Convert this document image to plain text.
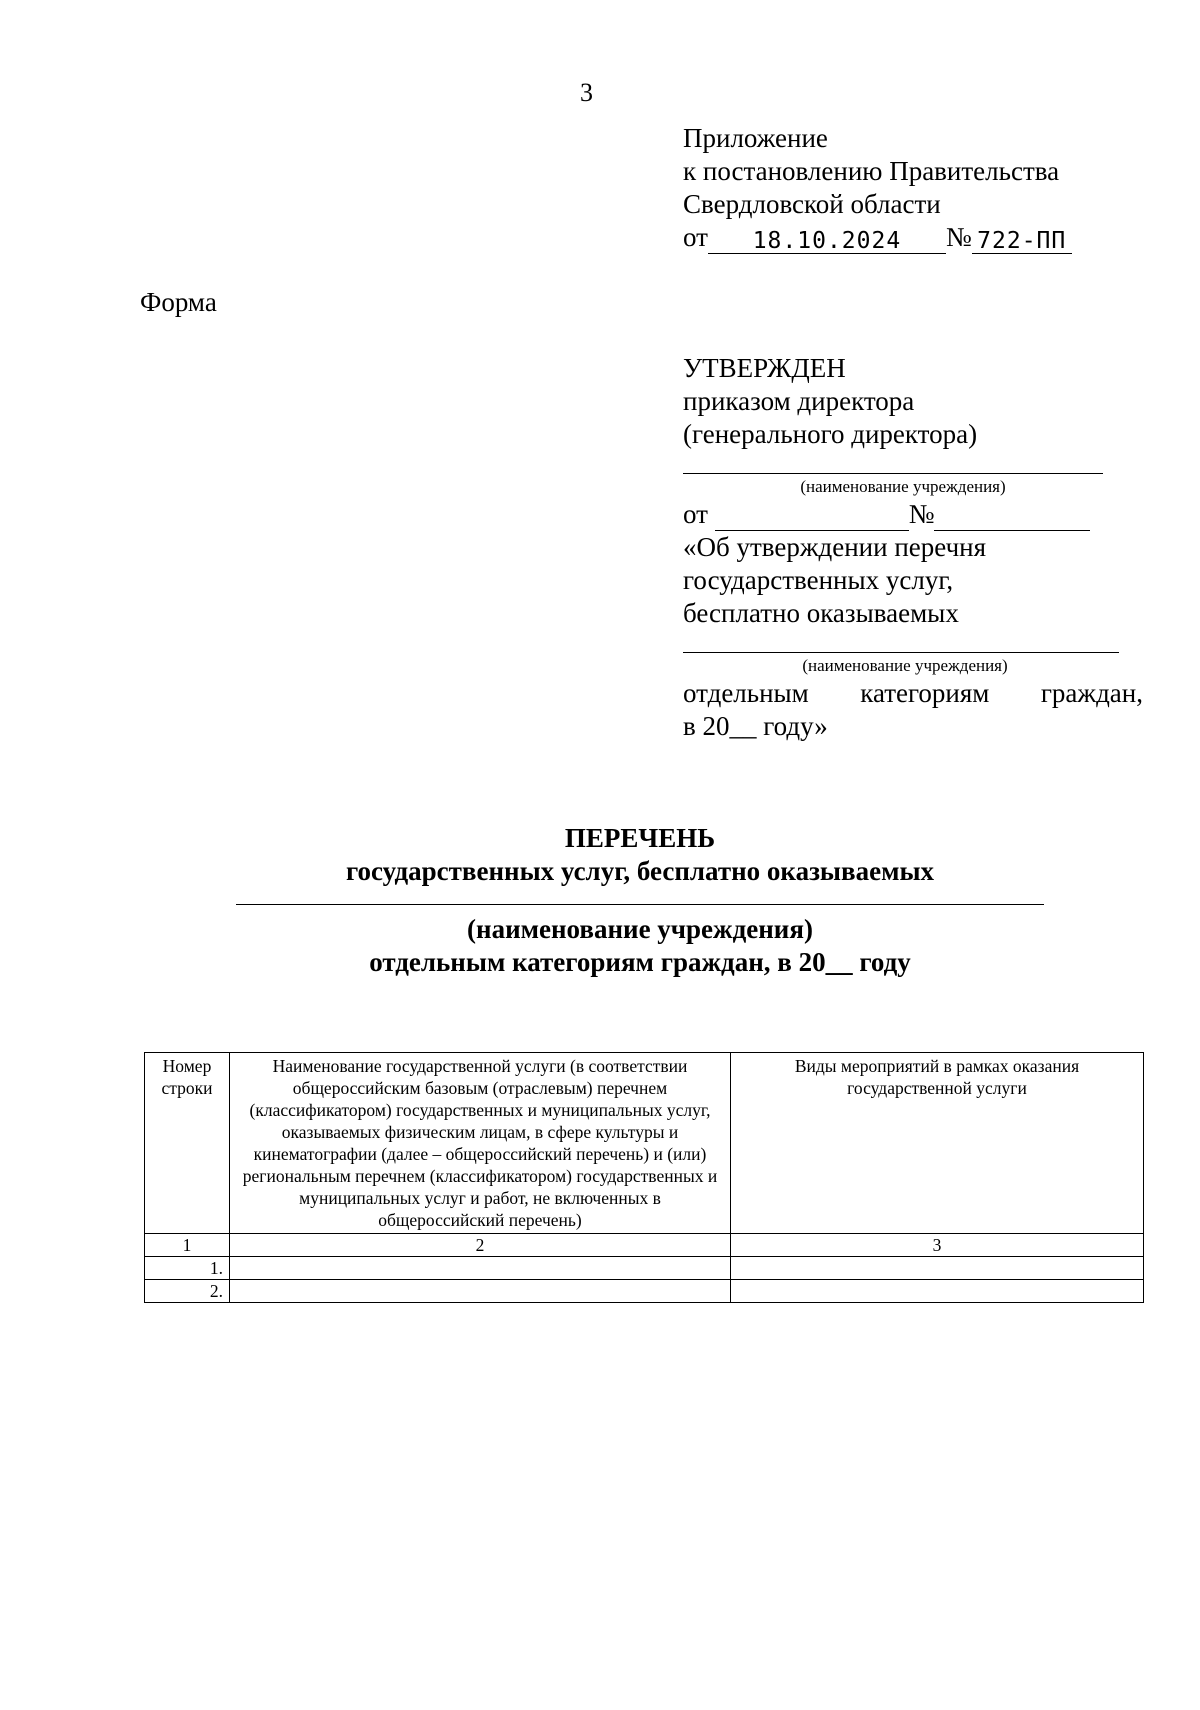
3
Приложение
к постановлению Правительства
Свердловской области
от 18.10.2024 № 722-ПП
Форма
УТВЕРЖДЕН
приказом директора
(генерального директора)
(наименование учреждения)
от	№
«Об утверждении перечня
государственных услуг,
бесплатно оказываемых
(наименование учреждения)
отдельным категориям граждан,
в 20__ году»
ПЕРЕЧЕНЬ
государственных услуг, бесплатно оказываемых
(наименование учреждения)
отдельным категориям граждан, в 20__ году
Номер строки	Наименование государственной услуги (в соответствии общероссийским базовым (отраслевым) перечнем (классификатором) государственных и муниципальных услуг, оказываемых физическим лицам, в сфере культуры и кинематографии (далее – общероссийский перечень) и (или) региональным перечнем (классификатором) государственных и муниципальных услуг и работ, не включенных в общероссийский перечень)	Виды мероприятий в рамках оказания государственной услуги
1	2	3
1.		
2.		
